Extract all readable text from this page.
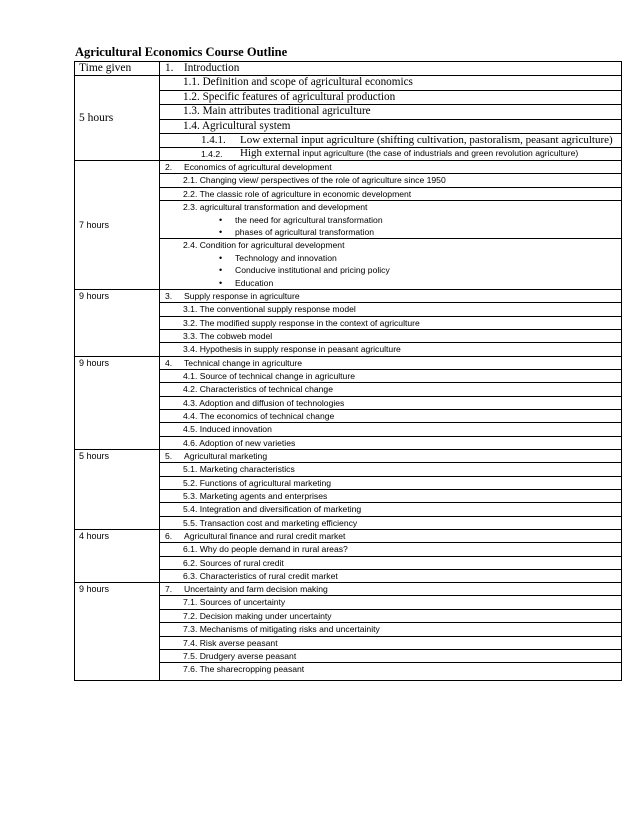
Agricultural Economics Course Outline
Time given	1. Introduction

5 hours	1.1. Definition and scope of agricultural economics

	1.2. Specific features of agricultural production

	1.3. Main attributes traditional agriculture

	1.4. Agricultural system

	1.4.1. Low external input agriculture (shifting cultivation, pastoralism, peasant agriculture)

	1.4.2. High external input agriculture (the case of industrials and green revolution agriculture)

7 hours	2. Economics of agricultural development

	2.1. Changing view/ perspectives of the role of agriculture since 1950

	2.2. The classic role of agriculture in economic development

	2.3. agricultural transformation and development
• the need for agricultural transformation
• phases of agricultural transformation

	2.4. Condition for agricultural development
• Technology and innovation
• Conducive institutional and pricing policy
• Education

9 hours	3. Supply response in agriculture

	3.1. The conventional supply response model

	3.2. The modified supply response in the context of agriculture

	3.3. The cobweb model

	3.4. Hypothesis in supply response in peasant agriculture

9 hours	4. Technical change in agriculture

	4.1. Source of technical change in agriculture

	4.2. Characteristics of technical change

	4.3. Adoption and diffusion of technologies

	4.4. The economics of technical change

	4.5. Induced innovation

	4.6. Adoption of new varieties

5 hours	5. Agricultural marketing

	5.1. Marketing characteristics

	5.2. Functions of agricultural marketing

	5.3. Marketing agents and enterprises

	5.4. Integration and diversification of marketing

	5.5. Transaction cost and marketing efficiency

4 hours	6. Agricultural finance and rural credit market

	6.1. Why do people demand in rural areas?

	6.2. Sources of rural credit

	6.3. Characteristics of rural credit market

9 hours	7. Uncertainty and farm decision making

	7.1. Sources of uncertainty

	7.2. Decision making under uncertainty

	7.3. Mechanisms of mitigating risks and uncertainity

	7.4. Risk averse peasant

	7.5. Drudgery averse peasant

	7.6. The sharecropping peasant
